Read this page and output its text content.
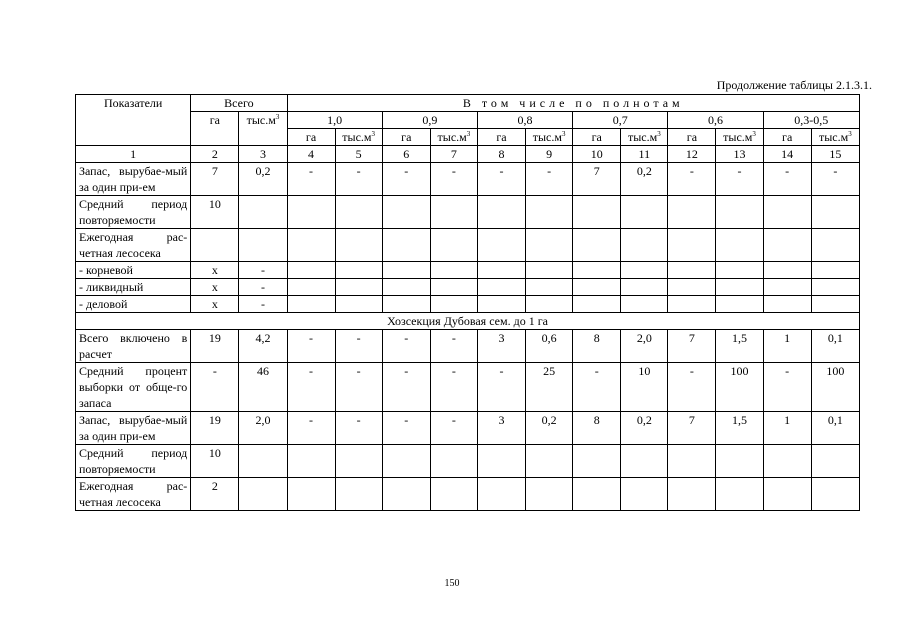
Продолжение таблицы 2.1.3.1.
Показатели	Всего		В том числе по полнотам											
	га	$тыс.м^3$	1,0		0,9		0,8		0,7		0,6		0,3-0,5	
			га	$тыс.м^3$	га	$тыс.м^3$	га	$тыс.м^3$	га	$тыс.м^3$	га	$тыс.м^3$	га	$тыс.м^3$
1	2	3	4	5	6	7	8	9	10	11	12	13	14	15
Запас, вырубае-мый за один при-ем	7	0,2	-	-	-	-	-	-	7	0,2	-	-	-	-
Средний период повторяемости	10													
Ежегодная рас-четная лесосека														
- корневой	х	-												
- ликвидный	х	-												
- деловой	х	-												
Хозсекция Дубовая сем. до 1 га														
Всего включено в расчет	19	4,2	-	-	-	-	3	0,6	8	2,0	7	1,5	1	0,1
Средний процент выборки от обще-го запаса	-	46	-	-	-	-	-	25	-	10	-	100	-	100
Запас, вырубае-мый за один при-ем	19	2,0	-	-	-	-	3	0,2	8	0,2	7	1,5	1	0,1
Средний период повторяемости	10													
Ежегодная рас-четная лесосека	2													
150
